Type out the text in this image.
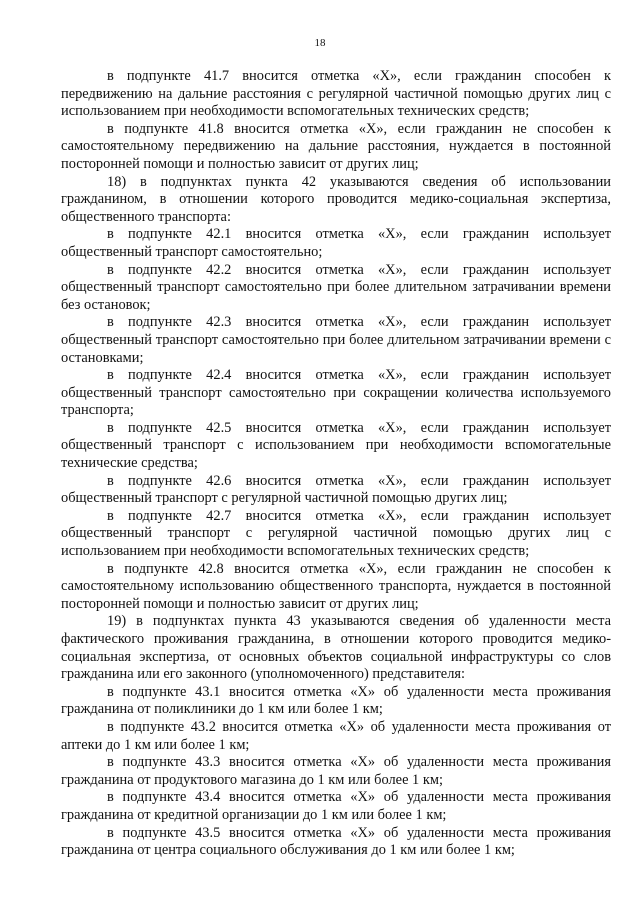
18

в подпункте 41.7 вносится отметка «X», если гражданин способен к передвижению на дальние расстояния с регулярной частичной помощью других лиц с использованием при необходимости вспомогательных технических средств;

в подпункте 41.8 вносится отметка «X», если гражданин не способен к самостоятельному передвижению на дальние расстояния, нуждается в постоянной посторонней помощи и полностью зависит от других лиц;

18) в подпунктах пункта 42 указываются сведения об использовании гражданином, в отношении которого проводится медико-социальная экспертиза, общественного транспорта:

в подпункте 42.1 вносится отметка «X», если гражданин использует общественный транспорт самостоятельно;

в подпункте 42.2 вносится отметка «X», если гражданин использует общественный транспорт самостоятельно при более длительном затрачивании времени без остановок;

в подпункте 42.3 вносится отметка «X», если гражданин использует общественный транспорт самостоятельно при более длительном затрачивании времени с остановками;

в подпункте 42.4 вносится отметка «X», если гражданин использует общественный транспорт самостоятельно при сокращении количества используемого транспорта;

в подпункте 42.5 вносится отметка «X», если гражданин использует общественный транспорт с использованием при необходимости вспомогательные технические средства;

в подпункте 42.6 вносится отметка «X», если гражданин использует общественный транспорт с регулярной частичной помощью других лиц;

в подпункте 42.7 вносится отметка «X», если гражданин использует общественный транспорт с регулярной частичной помощью других лиц с использованием при необходимости вспомогательных технических средств;

в подпункте 42.8 вносится отметка «X», если гражданин не способен к самостоятельному использованию общественного транспорта, нуждается в постоянной посторонней помощи и полностью зависит от других лиц;

19) в подпунктах пункта 43 указываются сведения об удаленности места фактического проживания гражданина, в отношении которого проводится медико-социальная экспертиза, от основных объектов социальной инфраструктуры со слов гражданина или его законного (уполномоченного) представителя:

в подпункте 43.1 вносится отметка «X» об удаленности места проживания гражданина от поликлиники до 1 км или более 1 км;

в подпункте 43.2 вносится отметка «X» об удаленности места проживания от аптеки до 1 км или более 1 км;

в подпункте 43.3 вносится отметка «X» об удаленности места проживания гражданина от продуктового магазина до 1 км или более 1 км;

в подпункте 43.4 вносится отметка «X» об удаленности места проживания гражданина от кредитной организации до 1 км или более 1 км;

в подпункте 43.5 вносится отметка «X» об удаленности места проживания гражданина от центра социального обслуживания до 1 км или более 1 км;
